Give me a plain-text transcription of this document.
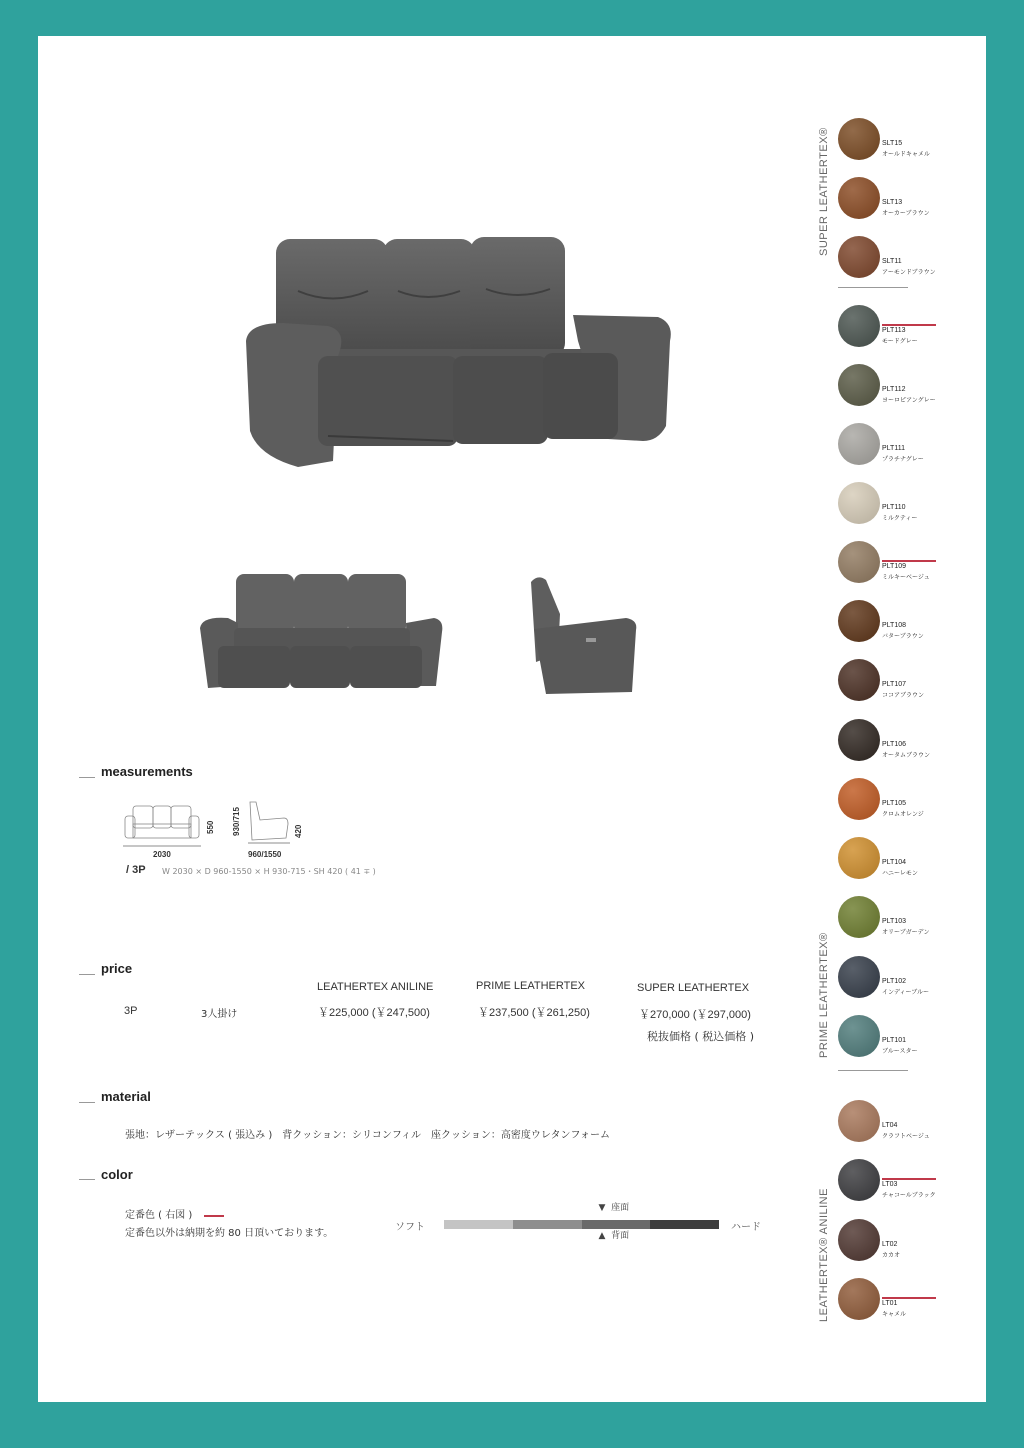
measurements
2030	960/1550
550 930/715	420
/ 3P W 2030 × D 960-1550 × H 930-715・SH 420 ( 41 ∓ )
price
LEATHERTEX ANILINE	PRIME LEATHERTEX	SUPER LEATHERTEX
3P	3人掛け	￥225,000 (￥247,500)	￥237,500 (￥261,250)	￥270,000 (￥297,000)
税抜価格 ( 税込価格 )
material
張地：レザーテックス ( 張込み )　背クッション：シリコンフィル　座クッション：高密度ウレタンフォーム
color
定番色 ( 右図 )
定番色以外は納期を約 80 日頂いております。
ソフト	ハード
▼ 座面
▲ 背面
SUPER LEATHERTEX®
PRIME LEATHERTEX®
LEATHERTEX® ANILINE
SLT15
オールドキャメル
SLT13
オーカーブラウン
SLT11
アーモンドブラウン
PLT113
モードグレー
PLT112
ヨーロピアングレー
PLT111
プラチナグレー
PLT110
ミルクティー
PLT109
ミルキーベージュ
PLT108
バターブラウン
PLT107
ココアブラウン
PLT106
オータムブラウン
PLT105
クロムオレンジ
PLT104
ハニーレモン
PLT103
オリーブガーデン
PLT102
インディーブルー
PLT101
ブルースター
LT04
クラフトベージュ
LT03
チャコールブラック
LT02
カカオ
LT01
キャメル
